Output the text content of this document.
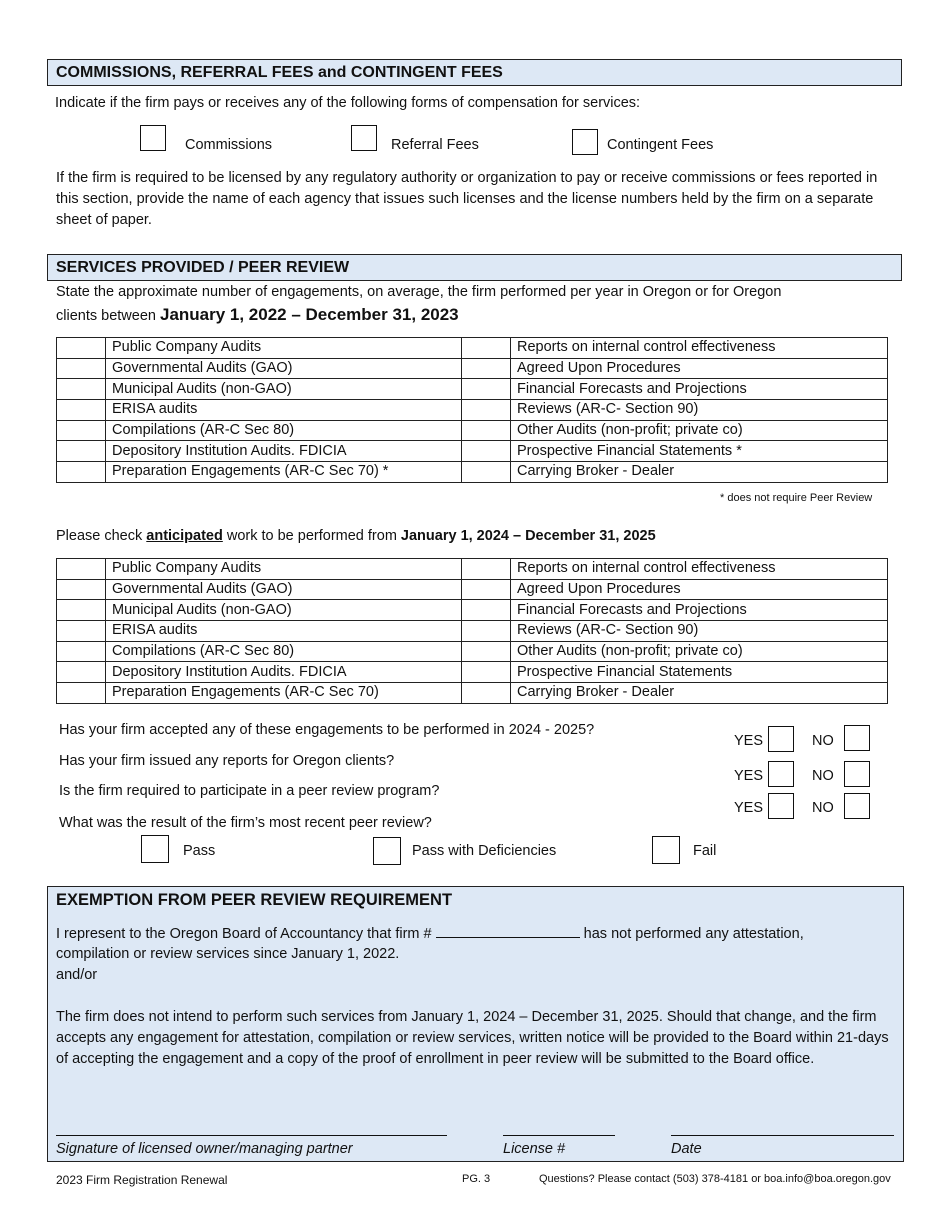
COMMISSIONS, REFERRAL FEES and CONTINGENT FEES
Indicate if the firm pays or receives any of the following forms of compensation for services:
Commissions	Referral Fees	Contingent Fees
If the firm is required to be licensed by any regulatory authority or organization to pay or receive commissions or fees reported in this section, provide the name of each agency that issues such licenses and the license numbers held by the firm on a separate sheet of paper.
SERVICES PROVIDED / PEER REVIEW
State the approximate number of engagements, on average, the firm performed per year in Oregon or for Oregon
clients between January 1, 2022 – December 31, 2023
	Public Company Audits		Reports on internal control effectiveness
	Governmental Audits (GAO)		Agreed Upon Procedures
	Municipal Audits (non-GAO)		Financial Forecasts and Projections
	ERISA audits		Reviews (AR-C- Section 90)
	Compilations (AR-C Sec 80)		Other Audits (non-profit; private co)
	Depository Institution Audits. FDICIA		Prospective Financial Statements *
	Preparation Engagements (AR-C Sec 70) *		Carrying Broker - Dealer
* does not require Peer Review
Please check anticipated work to be performed from January 1, 2024 – December 31, 2025
	Public Company Audits		Reports on internal control effectiveness
	Governmental Audits (GAO)		Agreed Upon Procedures
	Municipal Audits (non-GAO)		Financial Forecasts and Projections
	ERISA audits		Reviews (AR-C- Section 90)
	Compilations (AR-C Sec 80)		Other Audits (non-profit; private co)
	Depository Institution Audits. FDICIA		Prospective Financial Statements
	Preparation Engagements (AR-C Sec 70)		Carrying Broker - Dealer
Has your firm accepted any of these engagements to be performed in 2024 - 2025?
Has your firm issued any reports for Oregon clients?
Is the firm required to participate in a peer review program?
What was the result of the firm’s most recent peer review?
YES	NO
YES	NO
YES	NO
Pass	Pass with Deficiencies	Fail
EXEMPTION FROM PEER REVIEW REQUIREMENT
I represent to the Oregon Board of Accountancy that firm #	has not performed any attestation,
compilation or review services since January 1, 2022.
and/or
The firm does not intend to perform such services from January 1, 2024 – December 31, 2025. Should that change, and the firm accepts any engagement for attestation, compilation or review services, written notice will be provided to the Board within 21-days of accepting the engagement and a copy of the proof of enrollment in peer review will be submitted to the Board office.
Signature of licensed owner/managing partner	License #	Date
2023 Firm Registration Renewal	PG. 3	Questions? Please contact (503) 378-4181 or boa.info@boa.oregon.gov
